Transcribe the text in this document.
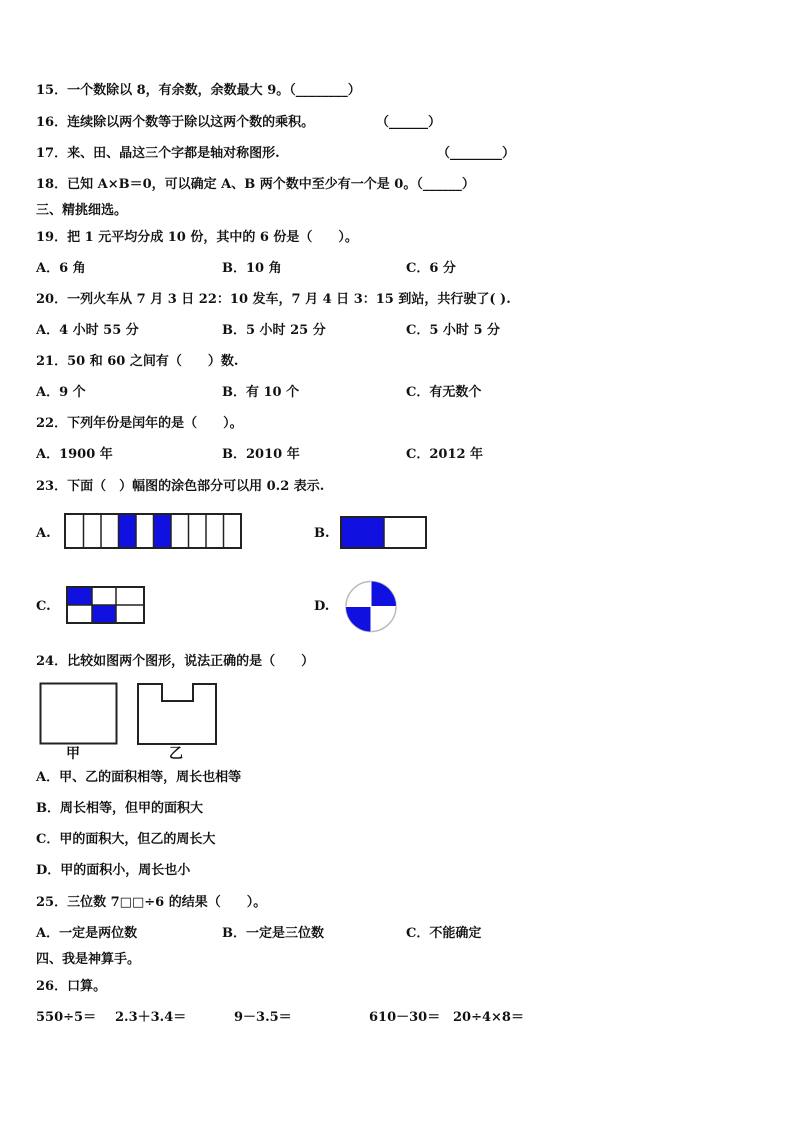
15．一个数除以 8，有余数，余数最大 9。（________）
16．连续除以两个数等于除以这两个数的乘积。	（______）
17．来、田、晶这三个字都是轴对称图形.	（________）
18．已知 A×B＝0，可以确定 A、B 两个数中至少有一个是 0。（______）
三、精挑细选。
19．把 1 元平均分成 10 份，其中的 6 份是（　　）。
A．6 角	B．10 角	C．6 分
20．一列火车从 7 月 3 日 22：10 发车，7 月 4 日 3：15 到站，共行驶了( ).
A．4 小时 55 分	B．5 小时 25 分	C．5 小时 5 分
21．50 和 60 之间有（　　）数.
A．9 个	B．有 10 个	C．有无数个
22．下列年份是闰年的是（　　）。
A．1900 年	B．2010 年	C．2012 年
23．下面（　）幅图的涂色部分可以用 0.2 表示.
A.	B.
C.	D.
24．比较如图两个图形，说法正确的是（　　）
甲	乙
A．甲、乙的面积相等，周长也相等
B．周长相等，但甲的面积大
C．甲的面积大，但乙的周长大
D．甲的面积小，周长也小
25．三位数 7□□÷6 的结果（　　）。
A．一定是两位数	B．一定是三位数	C．不能确定
四、我是神算手。
26．口算。
550÷5＝ 2.3＋3.4＝	9－3.5＝	610－30＝ 20÷4×8＝
